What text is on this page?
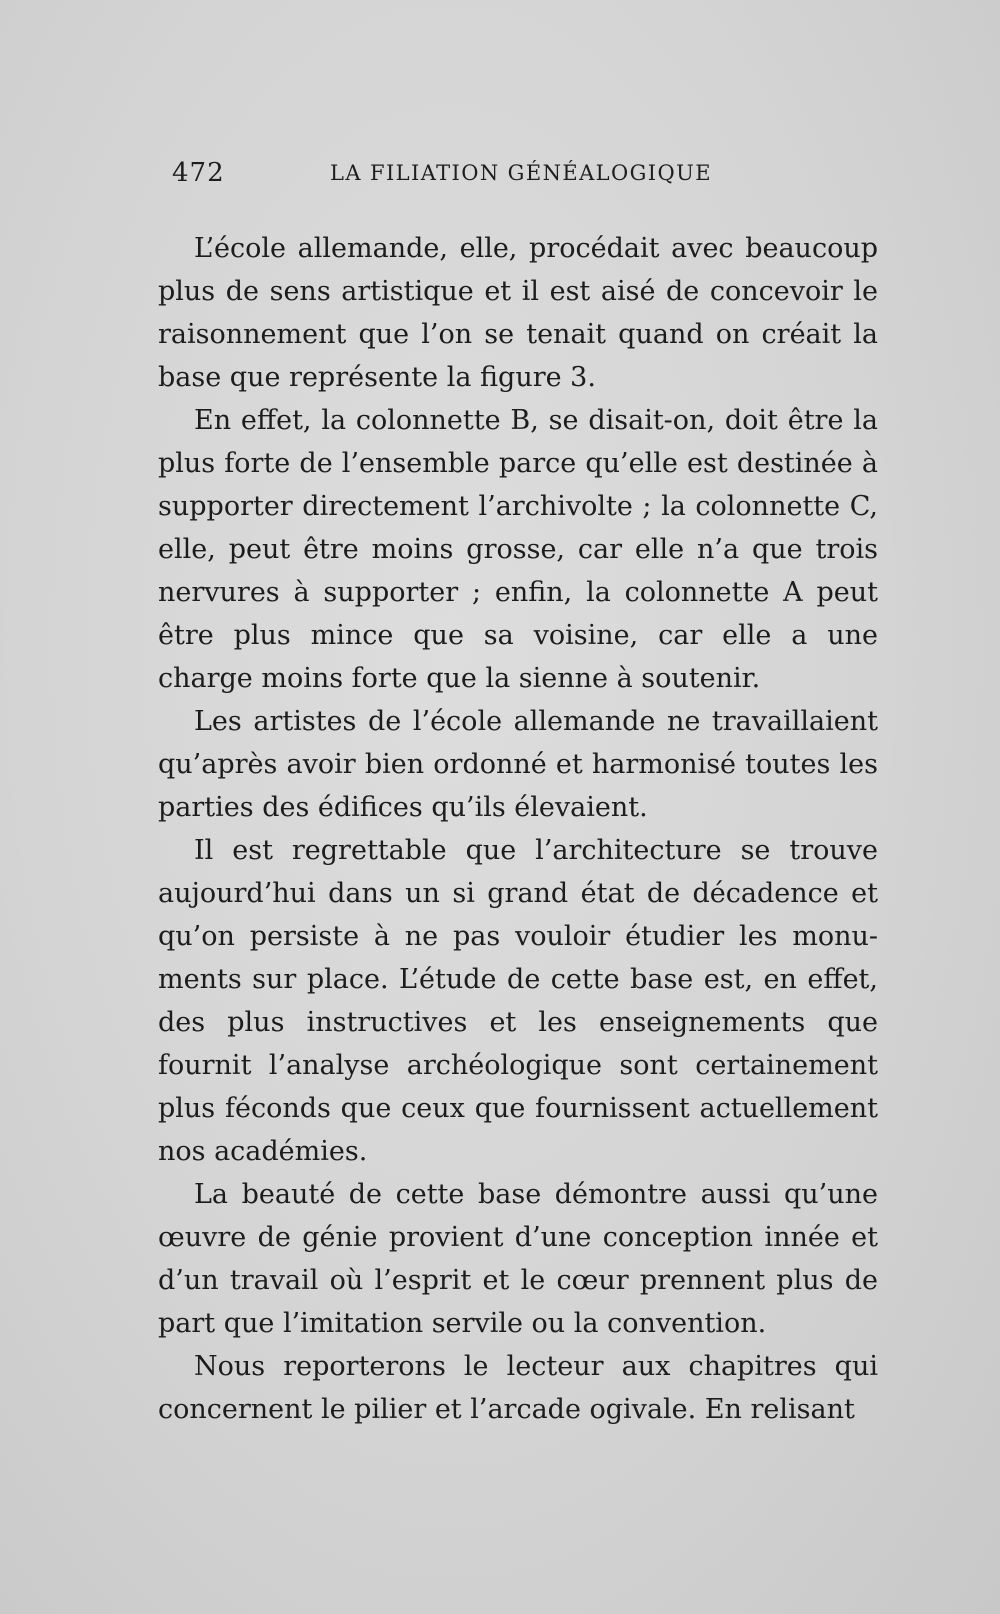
472	LA FILIATION GÉNÉALOGIQUE

L’école allemande, elle, procédait avec beaucoup plus de sens artistique et il est aisé de concevoir le raisonnement que l’on se tenait quand on créait la base que représente la figure 3.

En effet, la colonnette B, se disait-on, doit être la plus forte de l’ensemble parce qu’elle est destinée à supporter directement l’archivolte ; la colonnette C, elle, peut être moins grosse, car elle n’a que trois nervures à supporter ; enfin, la colonnette A peut être plus mince que sa voisine, car elle a une charge moins forte que la sienne à soutenir.

Les artistes de l’école allemande ne travaillaient qu’après avoir bien ordonné et harmonisé toutes les parties des édifices qu’ils élevaient.

Il est regrettable que l’architecture se trouve aujourd’hui dans un si grand état de décadence et qu’on persiste à ne pas vouloir étudier les monuments sur place. L’étude de cette base est, en effet, des plus instructives et les enseignements que fournit l’analyse archéologique sont certainement plus féconds que ceux que fournissent actuellement nos académies.

La beauté de cette base démontre aussi qu’une œuvre de génie provient d’une conception innée et d’un travail où l’esprit et le cœur prennent plus de part que l’imitation servile ou la convention.

Nous reporterons le lecteur aux chapitres qui concernent le pilier et l’arcade ogivale. En relisant
